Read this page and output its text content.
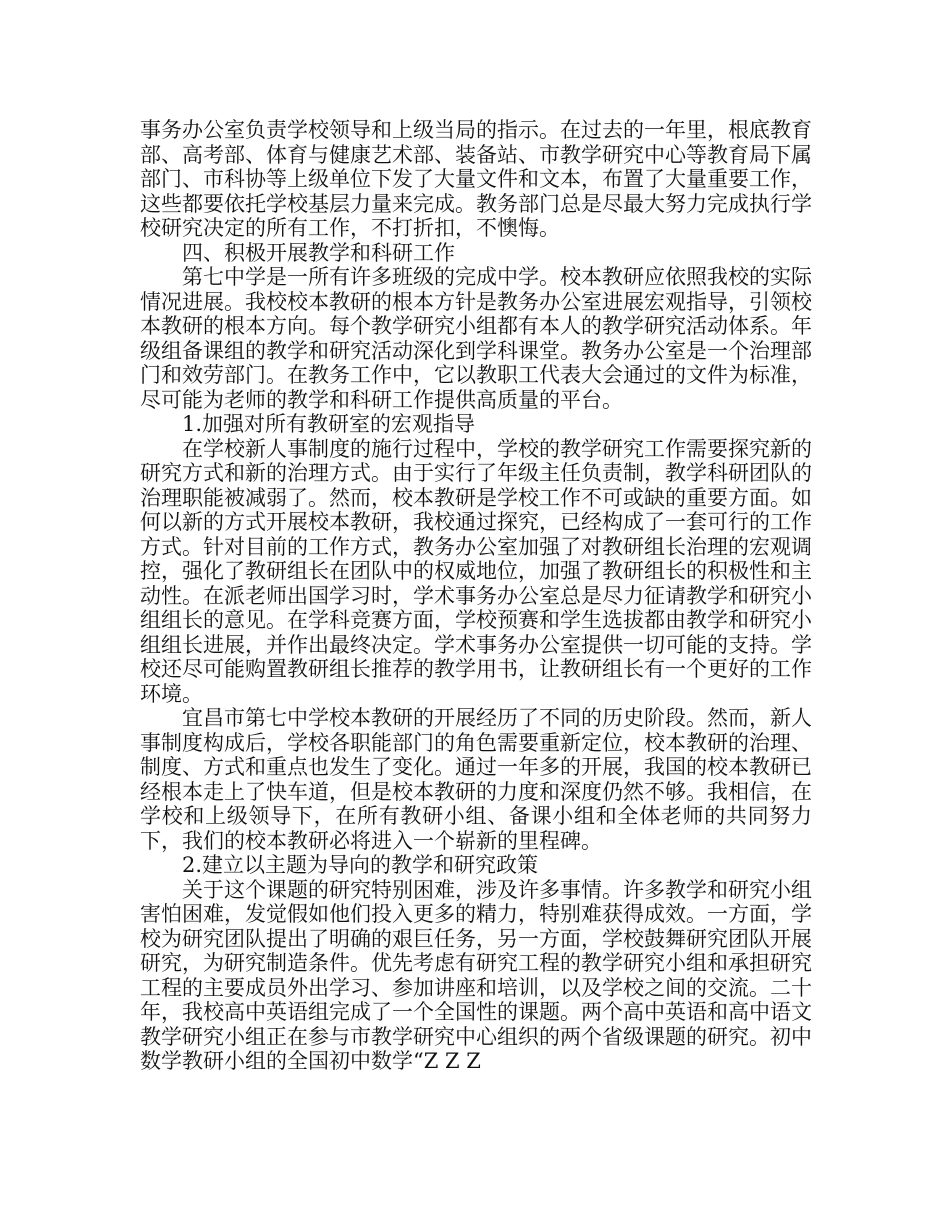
事务办公室负责学校领导和上级当局的指示。在过去的一年里，根底教育部、高考部、体育与健康艺术部、装备站、市教学研究中心等教育局下属部门、市科协等上级单位下发了大量文件和文本，布置了大量重要工作，这些都要依托学校基层力量来完成。教务部门总是尽最大努力完成执行学校研究决定的所有工作，不打折扣，不懊悔。

四、积极开展教学和科研工作

第七中学是一所有许多班级的完成中学。校本教研应依照我校的实际情况进展。我校校本教研的根本方针是教务办公室进展宏观指导，引领校本教研的根本方向。每个教学研究小组都有本人的教学研究活动体系。年级组备课组的教学和研究活动深化到学科课堂。教务办公室是一个治理部门和效劳部门。在教务工作中，它以教职工代表大会通过的文件为标准，尽可能为老师的教学和科研工作提供高质量的平台。

1.加强对所有教研室的宏观指导

在学校新人事制度的施行过程中，学校的教学研究工作需要探究新的研究方式和新的治理方式。由于实行了年级主任负责制，教学科研团队的治理职能被减弱了。然而，校本教研是学校工作不可或缺的重要方面。如何以新的方式开展校本教研，我校通过探究，已经构成了一套可行的工作方式。针对目前的工作方式，教务办公室加强了对教研组长治理的宏观调控，强化了教研组长在团队中的权威地位，加强了教研组长的积极性和主动性。在派老师出国学习时，学术事务办公室总是尽力征请教学和研究小组组长的意见。在学科竞赛方面，学校预赛和学生选拔都由教学和研究小组组长进展，并作出最终决定。学术事务办公室提供一切可能的支持。学校还尽可能购置教研组长推荐的教学用书，让教研组长有一个更好的工作环境。

宜昌市第七中学校本教研的开展经历了不同的历史阶段。然而，新人事制度构成后，学校各职能部门的角色需要重新定位，校本教研的治理、制度、方式和重点也发生了变化。通过一年多的开展，我国的校本教研已经根本走上了快车道，但是校本教研的力度和深度仍然不够。我相信，在学校和上级领导下，在所有教研小组、备课小组和全体老师的共同努力下，我们的校本教研必将进入一个崭新的里程碑。

2.建立以主题为导向的教学和研究政策

关于这个课题的研究特别困难，涉及许多事情。许多教学和研究小组害怕困难，发觉假如他们投入更多的精力，特别难获得成效。一方面，学校为研究团队提出了明确的艰巨任务，另一方面，学校鼓舞研究团队开展研究，为研究制造条件。优先考虑有研究工程的教学研究小组和承担研究工程的主要成员外出学习、参加讲座和培训，以及学校之间的交流。二十年，我校高中英语组完成了一个全国性的课题。两个高中英语和高中语文教学研究小组正在参与市教学研究中心组织的两个省级课题的研究。初中数学教研小组的全国初中数学“Z Z Z
